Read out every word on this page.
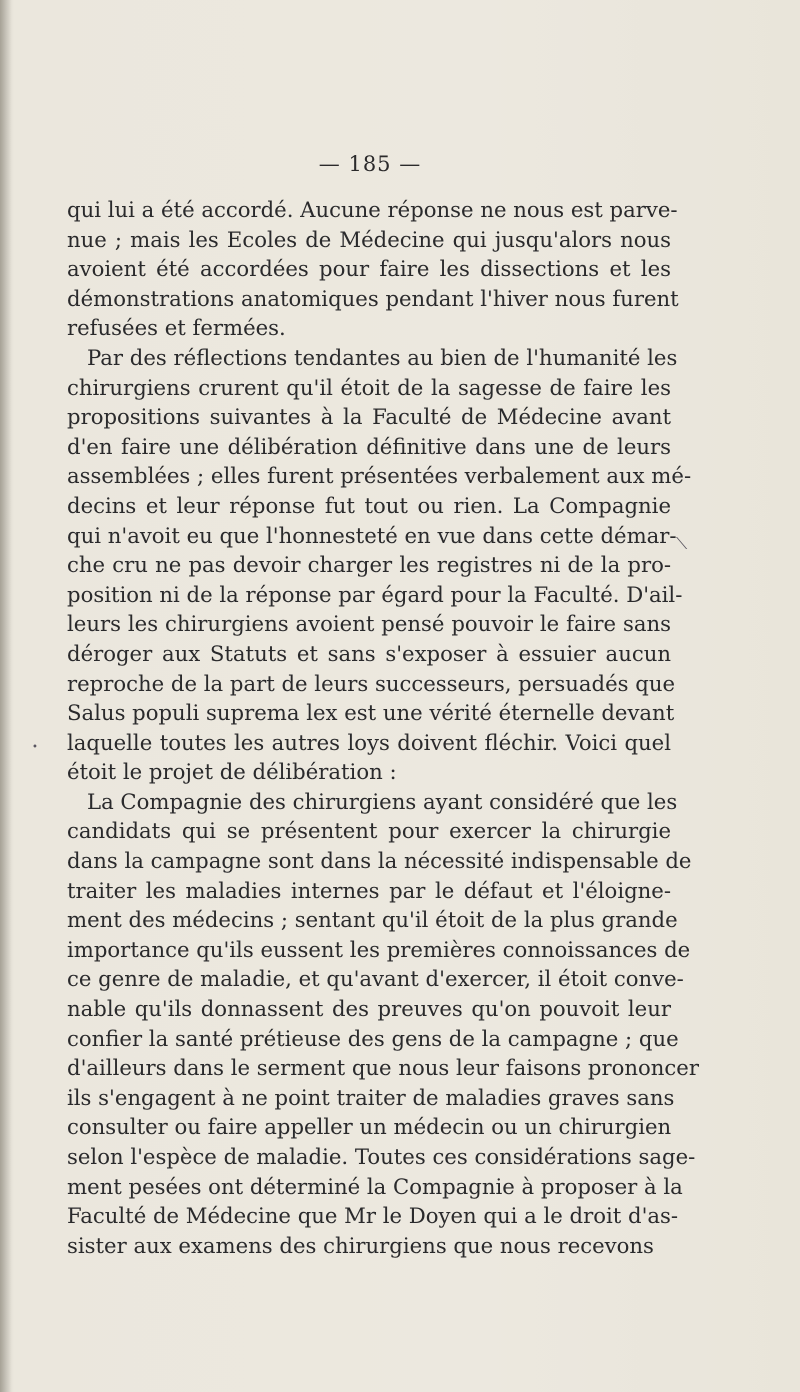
— 185 —
qui lui a été accordé. Aucune réponse ne nous est parve-
nue ; mais les Ecoles de Médecine qui jusqu'alors nous
avoient été accordées pour faire les dissections et les
démonstrations anatomiques pendant l'hiver nous furent
refusées et fermées.
Par des réflections tendantes au bien de l'humanité les
chirurgiens crurent qu'il étoit de la sagesse de faire les
propositions suivantes à la Faculté de Médecine avant
d'en faire une délibération définitive dans une de leurs
assemblées ; elles furent présentées verbalement aux mé-
decins et leur réponse fut tout ou rien. La Compagnie
qui n'avoit eu que l'honnesteté en vue dans cette démar-
che cru ne pas devoir charger les registres ni de la pro-
position ni de la réponse par égard pour la Faculté. D'ail-
leurs les chirurgiens avoient pensé pouvoir le faire sans
déroger aux Statuts et sans s'exposer à essuier aucun
reproche de la part de leurs successeurs, persuadés que
Salus populi suprema lex est une vérité éternelle devant
laquelle toutes les autres loys doivent fléchir. Voici quel
étoit le projet de délibération :
La Compagnie des chirurgiens ayant considéré que les
candidats qui se présentent pour exercer la chirurgie
dans la campagne sont dans la nécessité indispensable de
traiter les maladies internes par le défaut et l'éloigne-
ment des médecins ; sentant qu'il étoit de la plus grande
importance qu'ils eussent les premières connoissances de
ce genre de maladie, et qu'avant d'exercer, il étoit conve-
nable qu'ils donnassent des preuves qu'on pouvoit leur
confier la santé prétieuse des gens de la campagne ; que
d'ailleurs dans le serment que nous leur faisons prononcer
ils s'engagent à ne point traiter de maladies graves sans
consulter ou faire appeller un médecin ou un chirurgien
selon l'espèce de maladie. Toutes ces considérations sage-
ment pesées ont déterminé la Compagnie à proposer à la
Faculté de Médecine que Mr le Doyen qui a le droit d'as-
sister aux examens des chirurgiens que nous recevons
⟍
•
